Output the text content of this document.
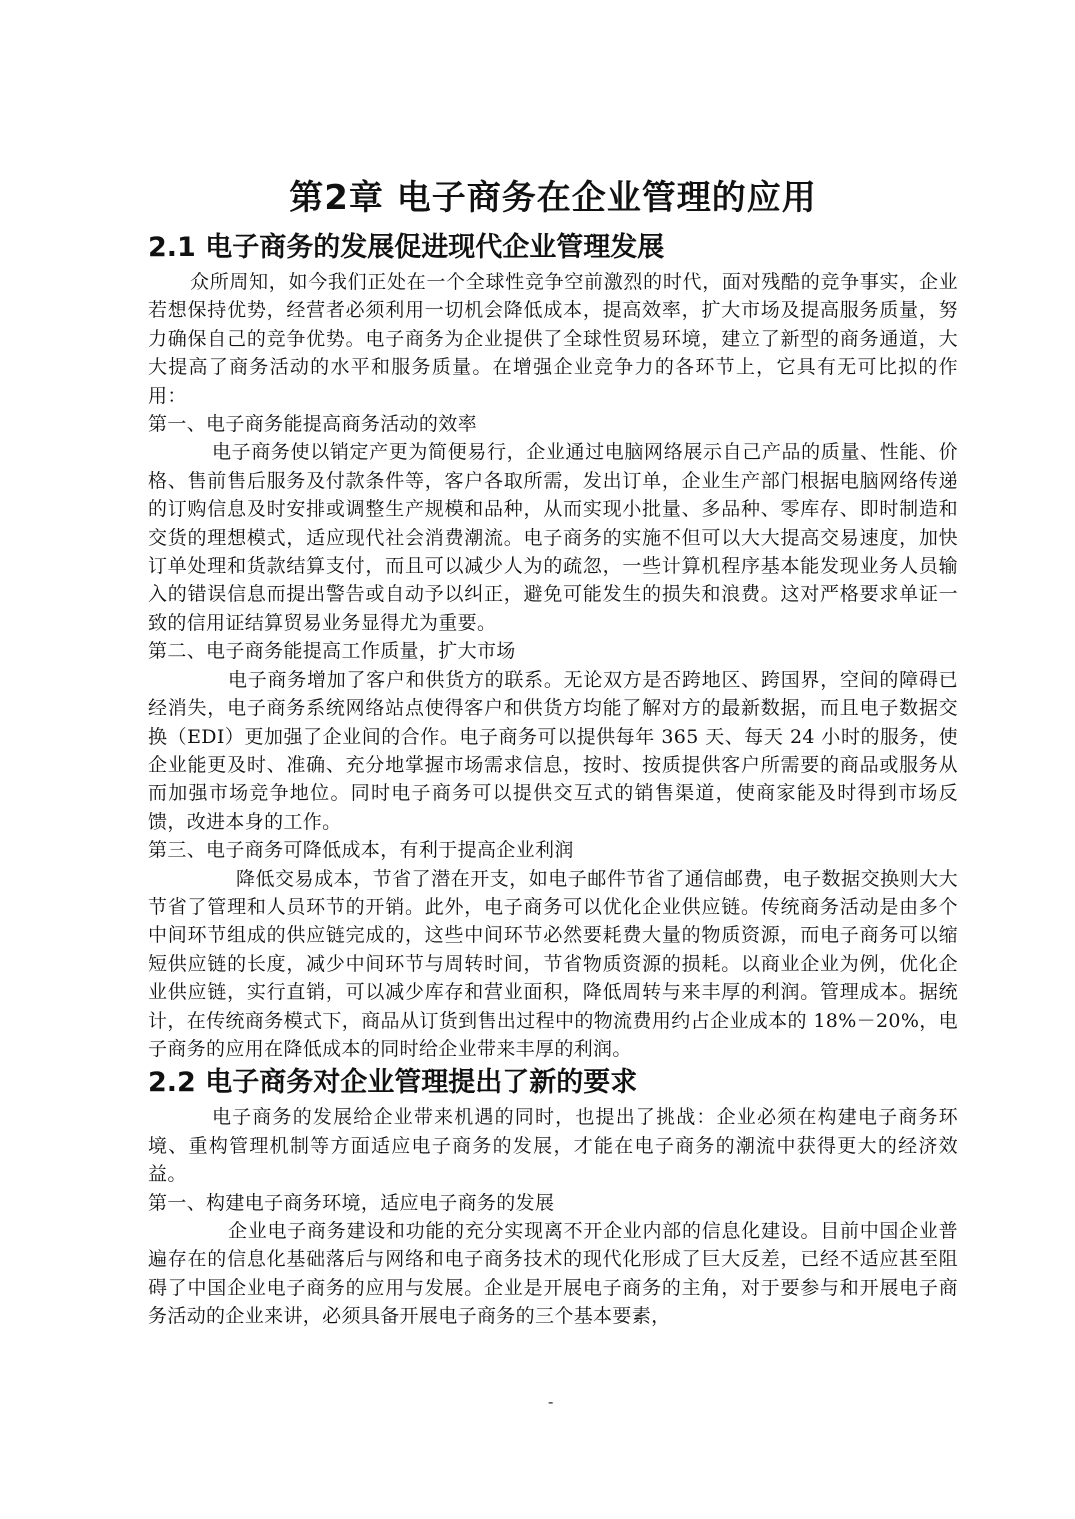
第2章 电子商务在企业管理的应用
2.1 电子商务的发展促进现代企业管理发展

众所周知，如今我们正处在一个全球性竞争空前激烈的时代，面对残酷的竞争事实，企业若想保持优势，经营者必须利用一切机会降低成本，提高效率，扩大市场及提高服务质量，努力确保自己的竞争优势。电子商务为企业提供了全球性贸易环境，建立了新型的商务通道，大大提高了商务活动的水平和服务质量。在增强企业竞争力的各环节上，它具有无可比拟的作用：

第一、电子商务能提高商务活动的效率

电子商务使以销定产更为简便易行，企业通过电脑网络展示自己产品的质量、性能、价格、售前售后服务及付款条件等，客户各取所需，发出订单，企业生产部门根据电脑网络传递的订购信息及时安排或调整生产规模和品种，从而实现小批量、多品种、零库存、即时制造和交货的理想模式，适应现代社会消费潮流。电子商务的实施不但可以大大提高交易速度，加快订单处理和货款结算支付，而且可以减少人为的疏忽，一些计算机程序基本能发现业务人员输入的错误信息而提出警告或自动予以纠正，避免可能发生的损失和浪费。这对严格要求单证一致的信用证结算贸易业务显得尤为重要。

第二、电子商务能提高工作质量，扩大市场

电子商务增加了客户和供货方的联系。无论双方是否跨地区、跨国界，空间的障碍已经消失，电子商务系统网络站点使得客户和供货方均能了解对方的最新数据，而且电子数据交换（EDI）更加强了企业间的合作。电子商务可以提供每年 365 天、每天 24 小时的服务，使企业能更及时、准确、充分地掌握市场需求信息，按时、按质提供客户所需要的商品或服务从而加强市场竞争地位。同时电子商务可以提供交互式的销售渠道，使商家能及时得到市场反馈，改进本身的工作。

第三、电子商务可降低成本，有利于提高企业利润

降低交易成本，节省了潜在开支，如电子邮件节省了通信邮费，电子数据交换则大大节省了管理和人员环节的开销。此外，电子商务可以优化企业供应链。传统商务活动是由多个中间环节组成的供应链完成的，这些中间环节必然要耗费大量的物质资源，而电子商务可以缩短供应链的长度，减少中间环节与周转时间，节省物质资源的损耗。以商业企业为例，优化企业供应链，实行直销，可以减少库存和营业面积，降低周转与来丰厚的利润。管理成本。据统计，在传统商务模式下，商品从订货到售出过程中的物流费用约占企业成本的 18%－20%，电子商务的应用在降低成本的同时给企业带来丰厚的利润。

2.2 电子商务对企业管理提出了新的要求

电子商务的发展给企业带来机遇的同时，也提出了挑战：企业必须在构建电子商务环境、重构管理机制等方面适应电子商务的发展，才能在电子商务的潮流中获得更大的经济效益。

第一、构建电子商务环境，适应电子商务的发展

企业电子商务建设和功能的充分实现离不开企业内部的信息化建设。目前中国企业普遍存在的信息化基础落后与网络和电子商务技术的现代化形成了巨大反差，已经不适应甚至阻碍了中国企业电子商务的应用与发展。企业是开展电子商务的主角，对于要参与和开展电子商务活动的企业来讲，必须具备开展电子商务的三个基本要素，

-
